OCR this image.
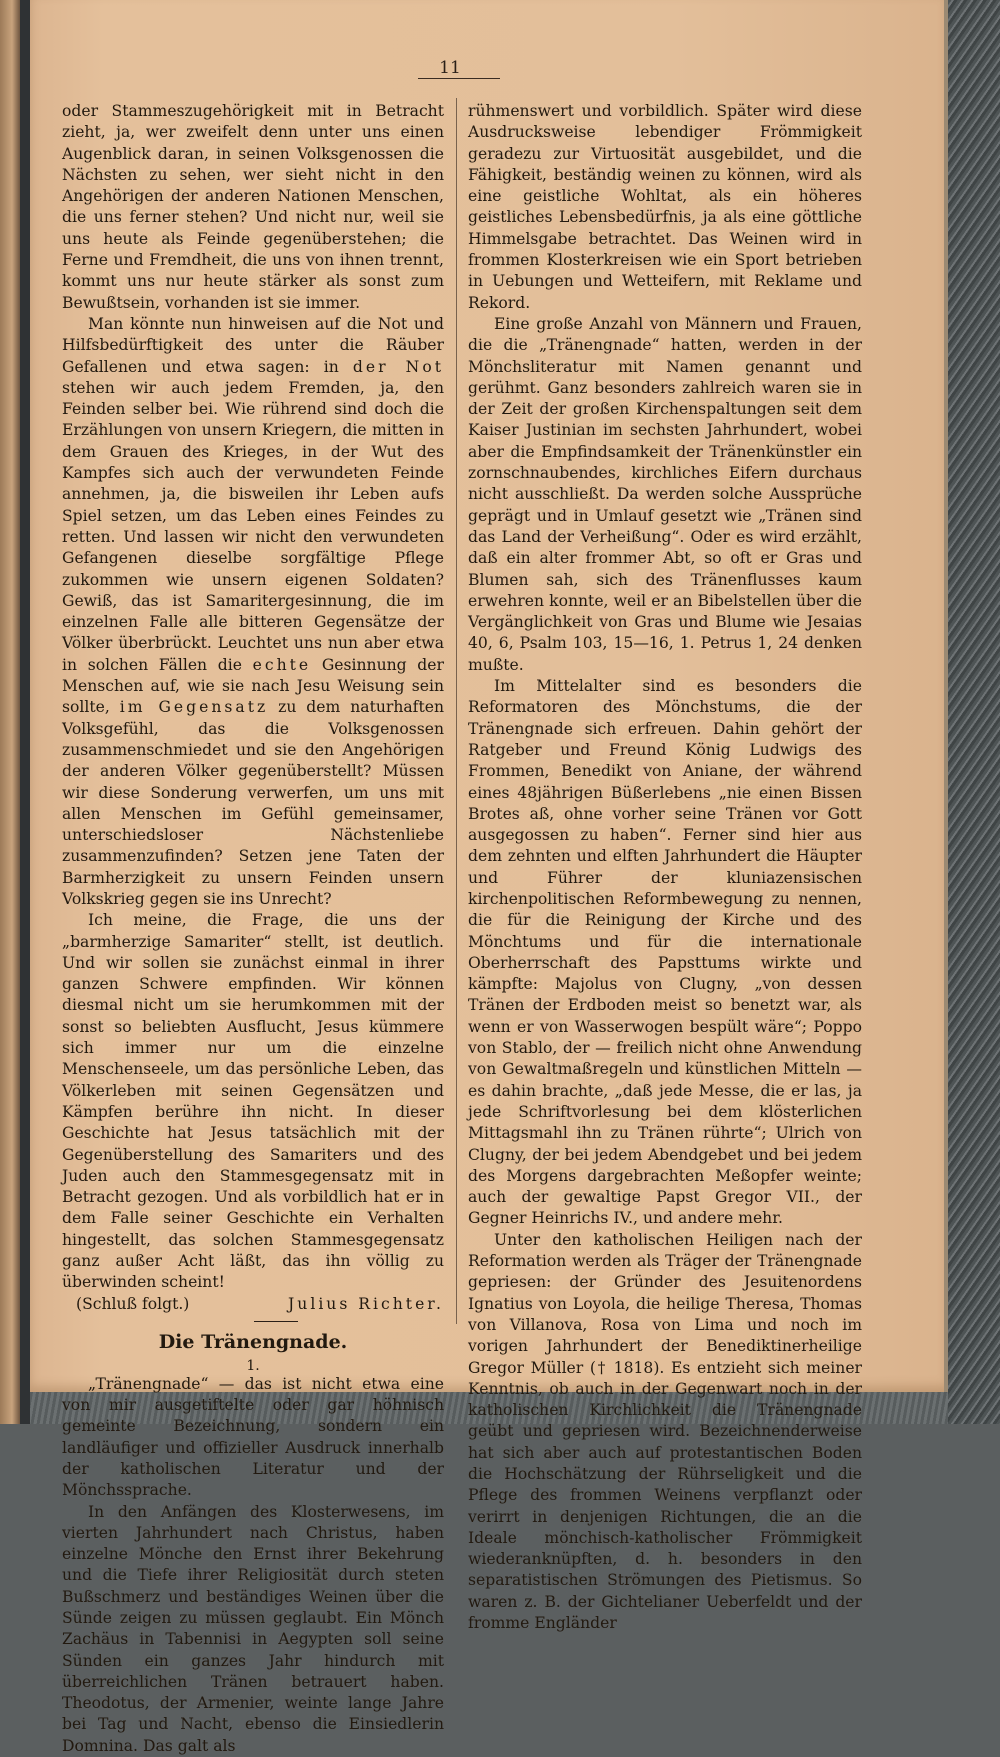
11

oder Stammeszugehörigkeit mit in Betracht zieht, ja, wer zweifelt denn unter uns einen Augenblick daran, in seinen Volksgenossen die Nächsten zu sehen, wer sieht nicht in den Angehörigen der anderen Nationen Menschen, die uns ferner stehen? Und nicht nur, weil sie uns heute als Feinde gegenüberstehen; die Ferne und Fremdheit, die uns von ihnen trennt, kommt uns nur heute stärker als sonst zum Bewußtsein, vorhanden ist sie immer.

Man könnte nun hinweisen auf die Not und Hilfsbedürftigkeit des unter die Räuber Gefallenen und etwa sagen: in der Not stehen wir auch jedem Fremden, ja, den Feinden selber bei. Wie rührend sind doch die Erzählungen von unsern Kriegern, die mitten in dem Grauen des Krieges, in der Wut des Kampfes sich auch der verwundeten Feinde annehmen, ja, die bisweilen ihr Leben aufs Spiel setzen, um das Leben eines Feindes zu retten. Und lassen wir nicht den verwundeten Gefangenen dieselbe sorgfältige Pflege zukommen wie unsern eigenen Soldaten? Gewiß, das ist Samaritergesinnung, die im einzelnen Falle alle bitteren Gegensätze der Völker überbrückt. Leuchtet uns nun aber etwa in solchen Fällen die echte Gesinnung der Menschen auf, wie sie nach Jesu Weisung sein sollte, im Gegensatz zu dem naturhaften Volksgefühl, das die Volksgenossen zusammenschmiedet und sie den Angehörigen der anderen Völker gegenüberstellt? Müssen wir diese Sonderung verwerfen, um uns mit allen Menschen im Gefühl gemeinsamer, unterschiedsloser Nächstenliebe zusammenzufinden? Setzen jene Taten der Barmherzigkeit zu unsern Feinden unsern Volkskrieg gegen sie ins Unrecht?

Ich meine, die Frage, die uns der „barmherzige Samariter“ stellt, ist deutlich. Und wir sollen sie zunächst einmal in ihrer ganzen Schwere empfinden. Wir können diesmal nicht um sie herumkommen mit der sonst so beliebten Ausflucht, Jesus kümmere sich immer nur um die einzelne Menschenseele, um das persönliche Leben, das Völkerleben mit seinen Gegensätzen und Kämpfen berühre ihn nicht. In dieser Geschichte hat Jesus tatsächlich mit der Gegenüberstellung des Samariters und des Juden auch den Stammesgegensatz mit in Betracht gezogen. Und als vorbildlich hat er in dem Falle seiner Geschichte ein Verhalten hingestellt, das solchen Stammesgegensatz ganz außer Acht läßt, das ihn völlig zu überwinden scheint!

(Schluß folgt.)	Julius Richter.
Die Tränengnade.
1.

„Tränengnade“ — das ist nicht etwa eine von mir ausgetiftelte oder gar höhnisch gemeinte Bezeichnung, sondern ein landläufiger und offizieller Ausdruck innerhalb der katholischen Literatur und der Mönchssprache.

In den Anfängen des Klosterwesens, im vierten Jahrhundert nach Christus, haben einzelne Mönche den Ernst ihrer Bekehrung und die Tiefe ihrer Religiosität durch steten Bußschmerz und beständiges Weinen über die Sünde zeigen zu müssen geglaubt. Ein Mönch Zachäus in Tabennisi in Aegypten soll seine Sünden ein ganzes Jahr hindurch mit überreichlichen Tränen betrauert haben. Theodotus, der Armenier, weinte lange Jahre bei Tag und Nacht, ebenso die Einsiedlerin Domnina. Das galt als

rühmenswert und vorbildlich. Später wird diese Ausdrucksweise lebendiger Frömmigkeit geradezu zur Virtuosität ausgebildet, und die Fähigkeit, beständig weinen zu können, wird als eine geistliche Wohltat, als ein höheres geistliches Lebensbedürfnis, ja als eine göttliche Himmelsgabe betrachtet. Das Weinen wird in frommen Klosterkreisen wie ein Sport betrieben in Uebungen und Wetteifern, mit Reklame und Rekord.

Eine große Anzahl von Männern und Frauen, die die „Tränengnade“ hatten, werden in der Mönchsliteratur mit Namen genannt und gerühmt. Ganz besonders zahlreich waren sie in der Zeit der großen Kirchenspaltungen seit dem Kaiser Justinian im sechsten Jahrhundert, wobei aber die Empfindsamkeit der Tränenkünstler ein zornschnaubendes, kirchliches Eifern durchaus nicht ausschließt. Da werden solche Aussprüche geprägt und in Umlauf gesetzt wie „Tränen sind das Land der Verheißung“. Oder es wird erzählt, daß ein alter frommer Abt, so oft er Gras und Blumen sah, sich des Tränenflusses kaum erwehren konnte, weil er an Bibelstellen über die Vergänglichkeit von Gras und Blume wie Jesaias 40, 6, Psalm 103, 15—16, 1. Petrus 1, 24 denken mußte.

Im Mittelalter sind es besonders die Reformatoren des Mönchstums, die der Tränengnade sich erfreuen. Dahin gehört der Ratgeber und Freund König Ludwigs des Frommen, Benedikt von Aniane, der während eines 48jährigen Büßerlebens „nie einen Bissen Brotes aß, ohne vorher seine Tränen vor Gott ausgegossen zu haben“. Ferner sind hier aus dem zehnten und elften Jahrhundert die Häupter und Führer der kluniazensischen kirchenpolitischen Reformbewegung zu nennen, die für die Reinigung der Kirche und des Mönchtums und für die internationale Oberherrschaft des Papsttums wirkte und kämpfte: Majolus von Clugny, „von dessen Tränen der Erdboden meist so benetzt war, als wenn er von Wasserwogen bespült wäre“; Poppo von Stablo, der — freilich nicht ohne Anwendung von Gewaltmaßregeln und künstlichen Mitteln — es dahin brachte, „daß jede Messe, die er las, ja jede Schriftvorlesung bei dem klösterlichen Mittagsmahl ihn zu Tränen rührte“; Ulrich von Clugny, der bei jedem Abendgebet und bei jedem des Morgens dargebrachten Meßopfer weinte; auch der gewaltige Papst Gregor VII., der Gegner Heinrichs IV., und andere mehr.

Unter den katholischen Heiligen nach der Reformation werden als Träger der Tränengnade gepriesen: der Gründer des Jesuitenordens Ignatius von Loyola, die heilige Theresa, Thomas von Villanova, Rosa von Lima und noch im vorigen Jahrhundert der Benediktinerheilige Gregor Müller († 1818). Es entzieht sich meiner Kenntnis, ob auch in der Gegenwart noch in der katholischen Kirchlichkeit die Tränengnade geübt und gepriesen wird. Bezeichnenderweise hat sich aber auch auf protestantischen Boden die Hochschätzung der Rührseligkeit und die Pflege des frommen Weinens verpflanzt oder verirrt in denjenigen Richtungen, die an die Ideale mönchisch-katholischer Frömmigkeit wiederanknüpften, d. h. besonders in den separatistischen Strömungen des Pietismus. So waren z. B. der Gichtelianer Ueberfeldt und der fromme Engländer
